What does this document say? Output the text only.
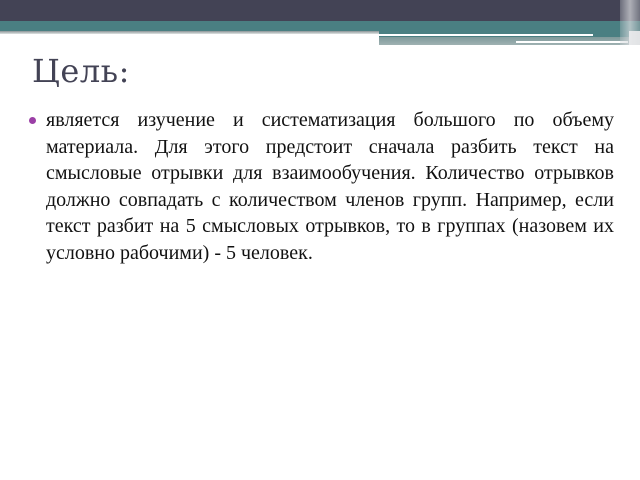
Цель:
является изучение и систематизация большого по объему материала. Для этого предстоит сначала разбить текст на смысловые отрывки для взаимообучения. Количество отрывков должно совпадать с количеством членов групп. Например, если текст разбит на 5 смысловых отрывков, то в группах (назовем их условно рабочими) - 5 человек.
